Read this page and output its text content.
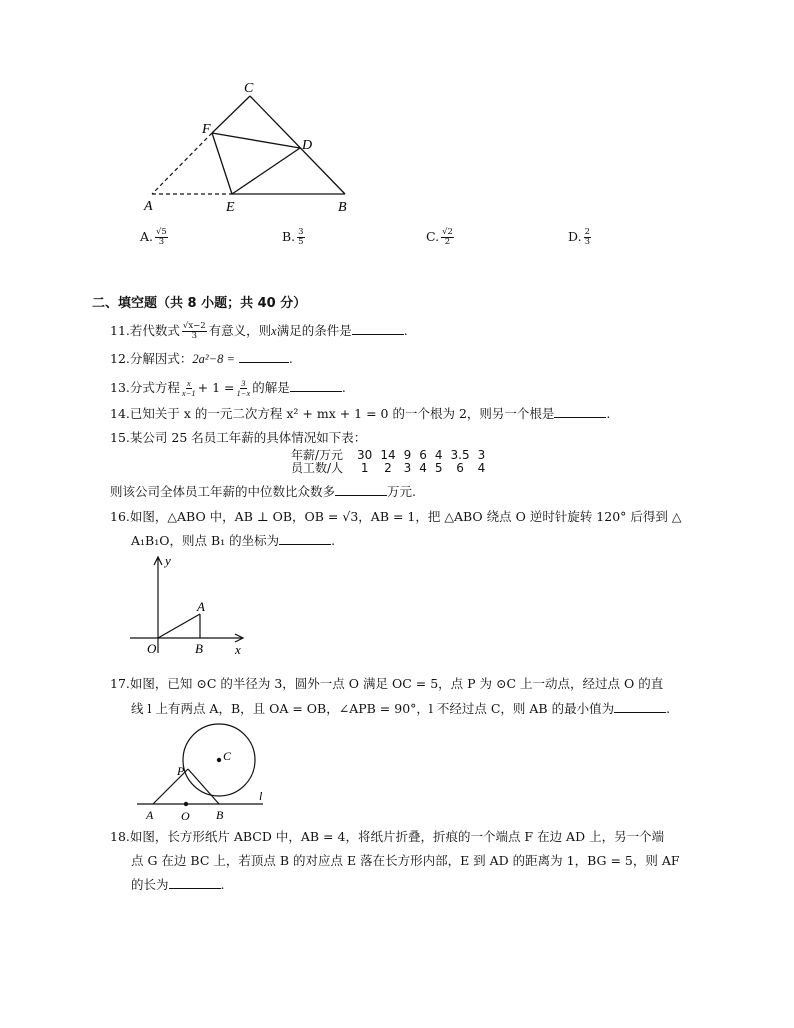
C
F
D
A	E	B
A. $\frac{√5}{3}$	B. $\frac{3}{5}$	C. $\frac{√2}{2}$	D. $\frac{2}{3}$
二、填空题（共 8 小题；共 40 分）
11.若代数式 $\frac{√x-2}{3}$ 有意义，则x满足的条件是	.
12.分解因式：2a²−8 =	.
13.分式方程 $\frac{x}{x-1} + 1 = \frac{3}{1-x}$ 的解是	.
14.已知关于 x 的一元二次方程 x² + mx + 1 = 0 的一个根为 2，则另一个根是	.
15.某公司 25 名员工年薪的具体情况如下表：
年薪/万元	30	14	9	6	4	3.5	3
员工数/人	1	2	3	4	5	6	4
则该公司全体员工年薪的中位数比众数多	万元.
16.如图，△ABO 中，AB ⊥ OB，OB = √3，AB = 1，把 △ABO 绕点 O 逆时针旋转 120° 后得到 △
A₁B₁O，则点 B₁ 的坐标为	.
y
x
O
A
B
17.如图，已知 ⊙C 的半径为 3，圆外一点 O 满足 OC = 5，点 P 为 ⊙C 上一动点，经过点 O 的直
线 l 上有两点 A，B，且 OA = OB，∠APB = 90°，l 不经过点 C，则 AB 的最小值为	.
C
P
A O B
l
18.如图，长方形纸片 ABCD 中，AB = 4，将纸片折叠，折痕的一个端点 F 在边 AD 上，另一个端
点 G 在边 BC 上，若顶点 B 的对应点 E 落在长方形内部，E 到 AD 的距离为 1，BG = 5，则 AF
的长为	.
